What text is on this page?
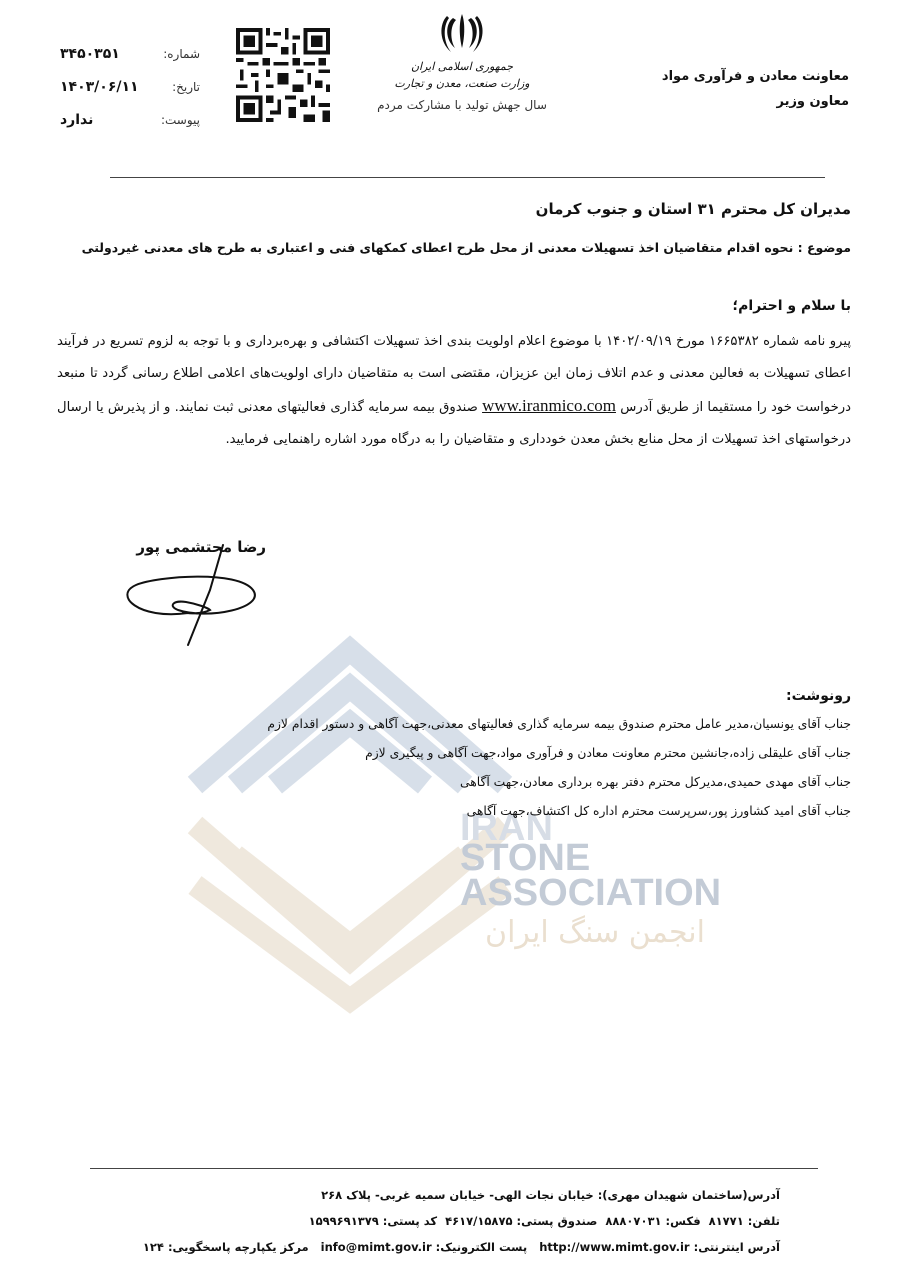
IRAN
STONE
ASSOCIATION
انجمن سنگ ایران
معاونت معادن و فرآوری مواد
معاون وزیر
جمهوری اسلامی ایران
وزارت صنعت، معدن و تجارت
سال جهش تولید با مشارکت مردم
شماره:
۳۴۵۰۳۵۱
تاریخ:
۱۴۰۳/۰۶/۱۱
پیوست:
ندارد
مدیران کل محترم ۳۱ استان و جنوب کرمان
موضوع : نحوه اقدام متقاضیان اخذ تسهیلات معدنی از محل طرح اعطای کمکهای فنی و اعتباری به طرح های معدنی غیردولتی
با سلام و احترام؛
پیرو نامه شماره ۱۶۶۵۳۸۲ مورخ ۱۴۰۲/۰۹/۱۹ با موضوع اعلام اولویت بندی اخذ تسهیلات اکتشافی و بهره‌برداری و با توجه به لزوم تسریع در فرآیند اعطای تسهیلات به فعالین معدنی و عدم اتلاف زمان این عزیزان، مقتضی است به متقاضیان دارای اولویت‌های اعلامی اطلاع رسانی گردد تا منبعد درخواست خود را مستقیما از طریق آدرس www.iranmico.com صندوق بیمه سرمایه گذاری فعالیتهای معدنی ثبت نمایند. و از پذیرش یا ارسال درخواستهای اخذ تسهیلات از محل منابع بخش معدن خودداری و متقاضیان را به درگاه مورد اشاره راهنمایی فرمایید.
رضا محتشمی پور
رونوشت:
جناب آقای یونسیان،مدیر عامل محترم صندوق بیمه سرمایه گذاری فعالیتهای معدنی،جهت آگاهی و دستور اقدام لازم
جناب آقای علیقلی زاده،جانشین محترم معاونت معادن و فرآوری مواد،جهت آگاهی و پیگیری لازم
جناب آقای مهدی حمیدی،مدیرکل محترم دفتر بهره برداری معادن،جهت آگاهی
جناب آقای امید کشاورز پور،سرپرست محترم اداره کل اکتشاف،جهت آگاهی
آدرس(ساختمان شهیدان مهری): خیابان نجات الهی- خیابان سمیه غربی- پلاک ۲۶۸
تلفن: ۸۱۷۷۱  فکس: ۸۸۸۰۷۰۳۱  صندوق پستی: ۴۶۱۷/۱۵۸۷۵  کد پستی: ۱۵۹۹۶۹۱۳۷۹
آدرس اینترنتی: http://www.mimt.gov.ir   پست الکترونیک: info@mimt.gov.ir   مرکز یکپارچه پاسخگویی: ۱۲۴
